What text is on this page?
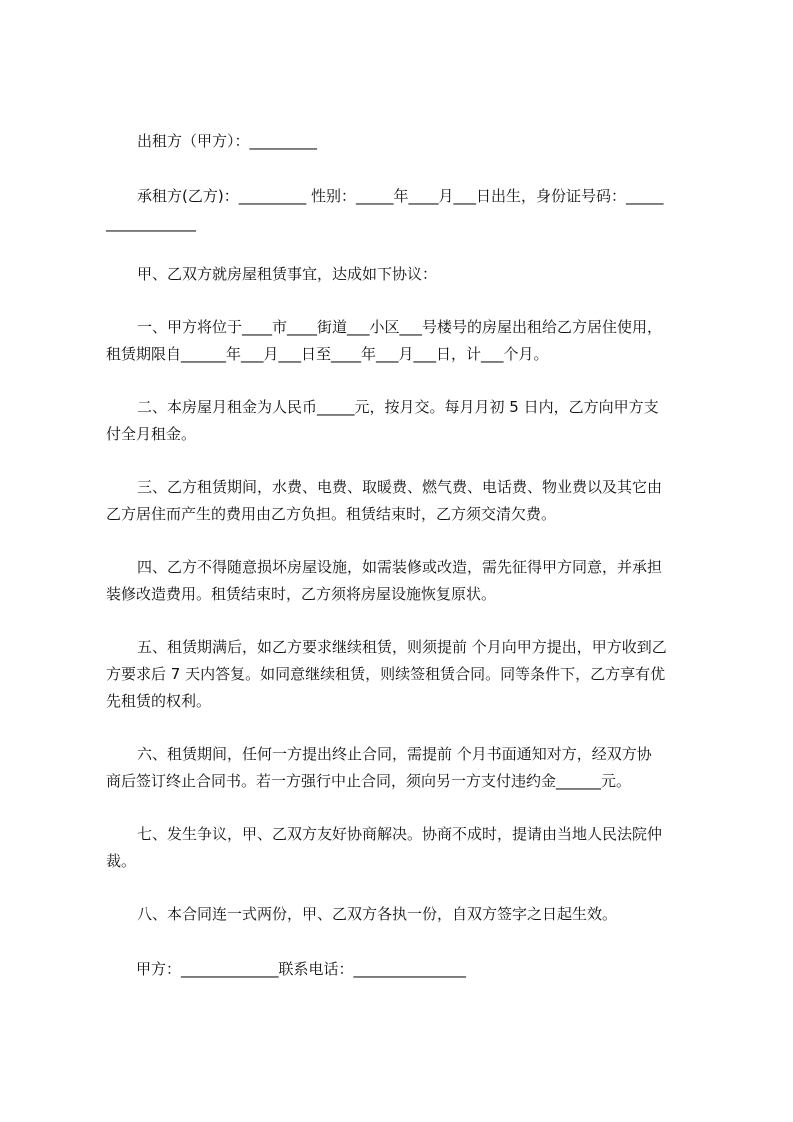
出租方（甲方）：_________
承租方(乙方)：_________ 性别：_____年____月___日出生，身份证号码：_____
____________
甲、乙双方就房屋租赁事宜，达成如下协议：
一、甲方将位于____市____街道___小区___号楼号的房屋出租给乙方居住使用，
租赁期限自______年___月___日至____年___月___日，计___个月。
二、本房屋月租金为人民币_____元，按月交。每月月初 5 日内，乙方向甲方支
付全月租金。
三、乙方租赁期间，水费、电费、取暖费、燃气费、电话费、物业费以及其它由
乙方居住而产生的费用由乙方负担。租赁结束时，乙方须交清欠费。
四、乙方不得随意损坏房屋设施，如需装修或改造，需先征得甲方同意，并承担
装修改造费用。租赁结束时，乙方须将房屋设施恢复原状。
五、租赁期满后，如乙方要求继续租赁，则须提前 个月向甲方提出，甲方收到乙
方要求后 7 天内答复。如同意继续租赁，则续签租赁合同。同等条件下，乙方享有优
先租赁的权利。
六、租赁期间，任何一方提出终止合同，需提前 个月书面通知对方，经双方协
商后签订终止合同书。若一方强行中止合同，须向另一方支付违约金______元。
七、发生争议，甲、乙双方友好协商解决。协商不成时，提请由当地人民法院仲
裁。
八、本合同连一式两份，甲、乙双方各执一份，自双方签字之日起生效。
甲方：_____________联系电话：_______________
